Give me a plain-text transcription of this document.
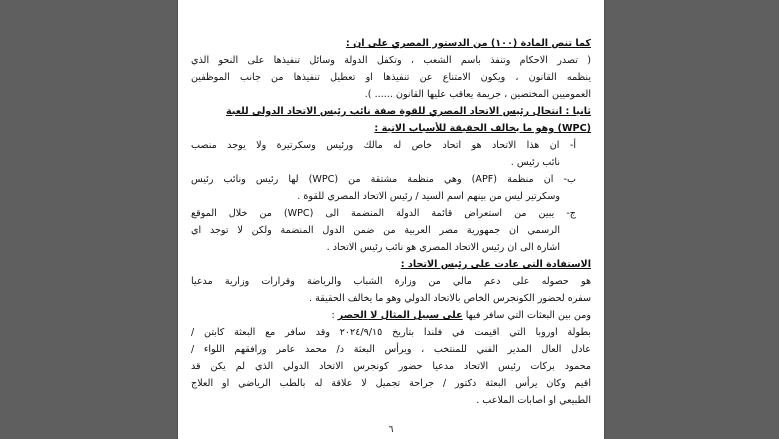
كما تنص المادة (١٠٠) من الدستور المصري على ان :
( تصدر الاحكام وتنفذ باسم الشعب ، وتكفل الدولة وسائل تنفيذها على النحو الذي
ينظمه القانون ، ويكون الامتناع عن تنفيذها او تعطيل تنفيذها من جانب الموظفين
العموميين المختصين ، جريمة يعاقب عليها القانون ...... ).
ثانيا : انتحال رئيس الاتحاد المصري للقوة صفة نائب رئيس الاتحاد الدولي للعبة
(WPC) وهو ما يخالف الحقيقة للأسباب الاتية :
أ- ان هذا الاتحاد هو اتحاد خاص له مالك ورئيس وسكرتيرة ولا يوجد منصب
نائب رئيس .
ب- ان منظمة (APF) وهي منظمة مشتقة من (WPC) لها رئيس ونائب رئيس
وسكرتير ليس من بينهم اسم السيد / رئيس الاتحاد المصري للقوة .
ج- يبين من استعراض قائمة الدولة المنضمة الى (WPC) من خلال الموقع
الرسمي ان جمهورية مصر العربية من ضمن الدول المنضمة ولكن لا توجد اي
اشارة الى ان رئيس الاتحاد المصري هو نائب رئيس الاتحاد .
الاستفادة التي عادت على رئيس الاتحاد :
هو حصوله على دعم مالي من وزارة الشباب والرياضة وقرارات وزارية مدعيا
سفره لحضور الكونجرس الخاص بالاتحاد الدولي وهو ما يخالف الحقيقة .
ومن بين البعثات التي سافر فيها على سبيل المثال لا الحصر :
بطولة اوروبا التي اقيمت في فلندا بتاريخ ٢٠٢٤/٩/١٥ وقد سافر مع البعثة كابتن /
عادل العال المدير الفني للمنتخب ، ويرأس البعثة د/ محمد عامر ورافقهم اللواء /
محمود بركات رئيس الاتحاد مدعيا حضور كونجرس الاتحاد الدولي الذي لم يكن قد
اقيم وكان يرأس البعثة دكتور / جراحة تجميل لا علاقة له بالطب الرياضي او العلاج
الطبيعي او اصابات الملاعب .
٦
